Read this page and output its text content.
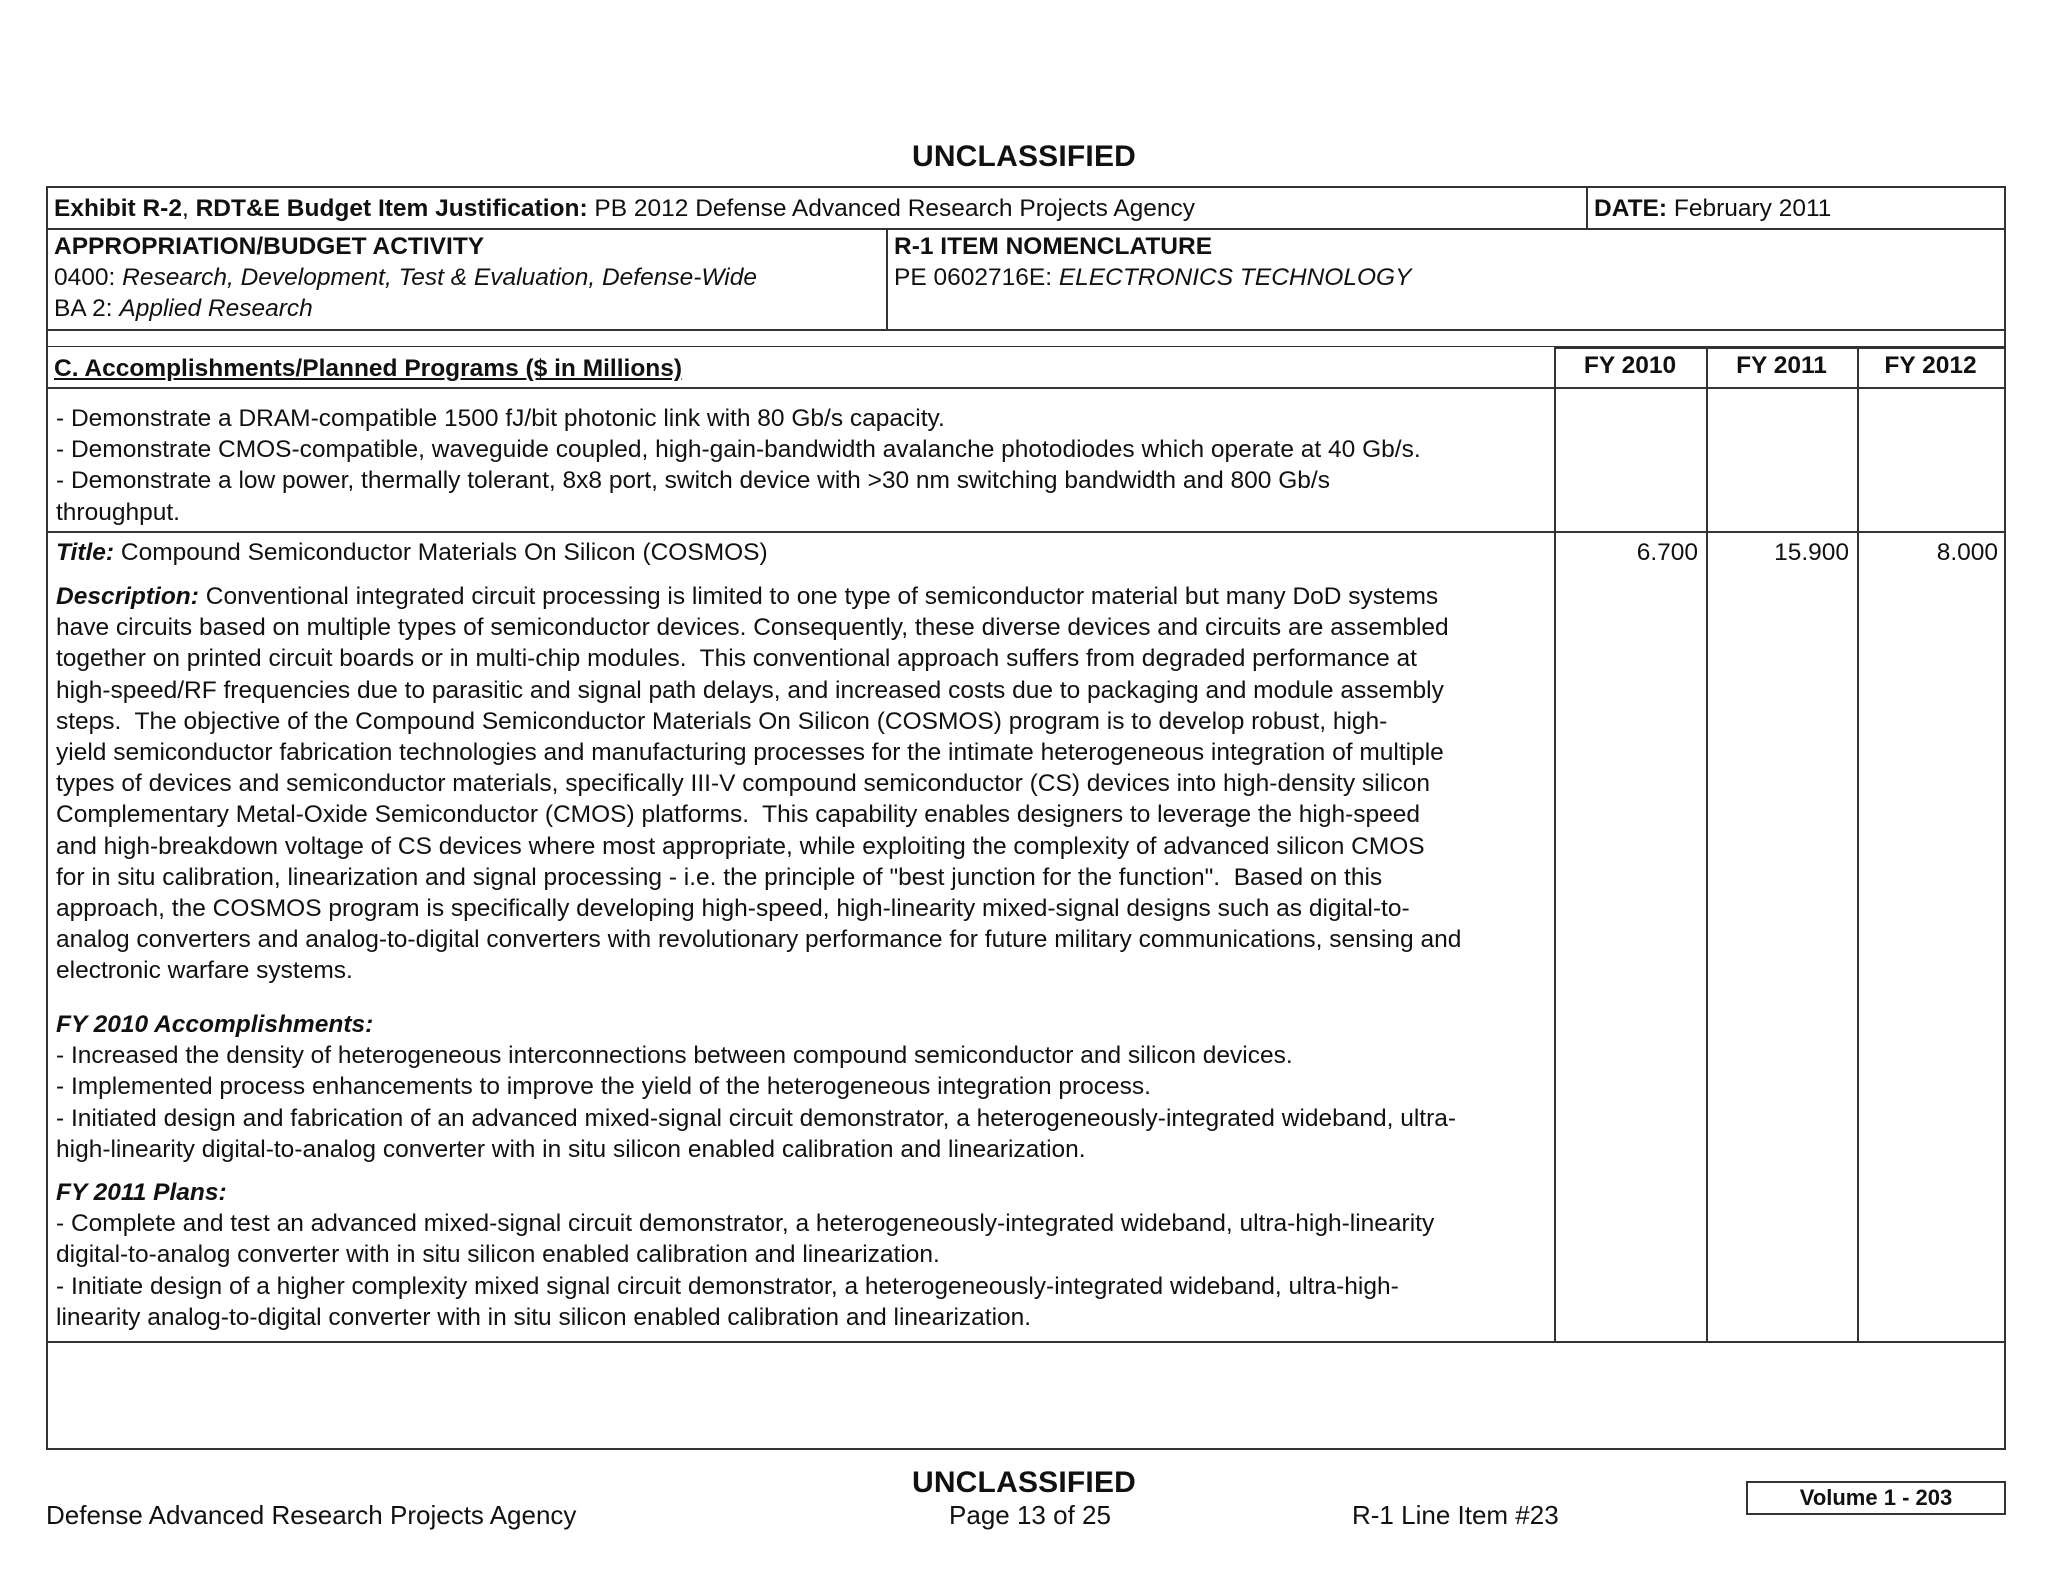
UNCLASSIFIED
Exhibit R-2, RDT&E Budget Item Justification: PB 2012 Defense Advanced Research Projects Agency	DATE: February 2011
APPROPRIATION/BUDGET ACTIVITY
0400: Research, Development, Test & Evaluation, Defense-Wide
BA 2: Applied Research
R-1 ITEM NOMENCLATURE
PE 0602716E: ELECTRONICS TECHNOLOGY
C. Accomplishments/Planned Programs ($ in Millions)	FY 2010	FY 2011	FY 2012
- Demonstrate a DRAM-compatible 1500 fJ/bit photonic link with 80 Gb/s capacity.
- Demonstrate CMOS-compatible, waveguide coupled, high-gain-bandwidth avalanche photodiodes which operate at 40 Gb/s.
- Demonstrate a low power, thermally tolerant, 8x8 port, switch device with >30 nm switching bandwidth and 800 Gb/s
throughput.
Title: Compound Semiconductor Materials On Silicon (COSMOS)	6.700	15.900	8.000
Description: Conventional integrated circuit processing is limited to one type of semiconductor material but many DoD systems
have circuits based on multiple types of semiconductor devices. Consequently, these diverse devices and circuits are assembled
together on printed circuit boards or in multi-chip modules.  This conventional approach suffers from degraded performance at
high-speed/RF frequencies due to parasitic and signal path delays, and increased costs due to packaging and module assembly
steps.  The objective of the Compound Semiconductor Materials On Silicon (COSMOS) program is to develop robust, high-
yield semiconductor fabrication technologies and manufacturing processes for the intimate heterogeneous integration of multiple
types of devices and semiconductor materials, specifically III-V compound semiconductor (CS) devices into high-density silicon
Complementary Metal-Oxide Semiconductor (CMOS) platforms.  This capability enables designers to leverage the high-speed
and high-breakdown voltage of CS devices where most appropriate, while exploiting the complexity of advanced silicon CMOS
for in situ calibration, linearization and signal processing - i.e. the principle of "best junction for the function".  Based on this
approach, the COSMOS program is specifically developing high-speed, high-linearity mixed-signal designs such as digital-to-
analog converters and analog-to-digital converters with revolutionary performance for future military communications, sensing and
electronic warfare systems.
FY 2010 Accomplishments:
- Increased the density of heterogeneous interconnections between compound semiconductor and silicon devices.
- Implemented process enhancements to improve the yield of the heterogeneous integration process.
- Initiated design and fabrication of an advanced mixed-signal circuit demonstrator, a heterogeneously-integrated wideband, ultra-
high-linearity digital-to-analog converter with in situ silicon enabled calibration and linearization.
FY 2011 Plans:
- Complete and test an advanced mixed-signal circuit demonstrator, a heterogeneously-integrated wideband, ultra-high-linearity
digital-to-analog converter with in situ silicon enabled calibration and linearization.
- Initiate design of a higher complexity mixed signal circuit demonstrator, a heterogeneously-integrated wideband, ultra-high-
linearity analog-to-digital converter with in situ silicon enabled calibration and linearization.
UNCLASSIFIED
Defense Advanced Research Projects Agency	Page 13 of 25	R-1 Line Item #23
Volume 1 - 203
